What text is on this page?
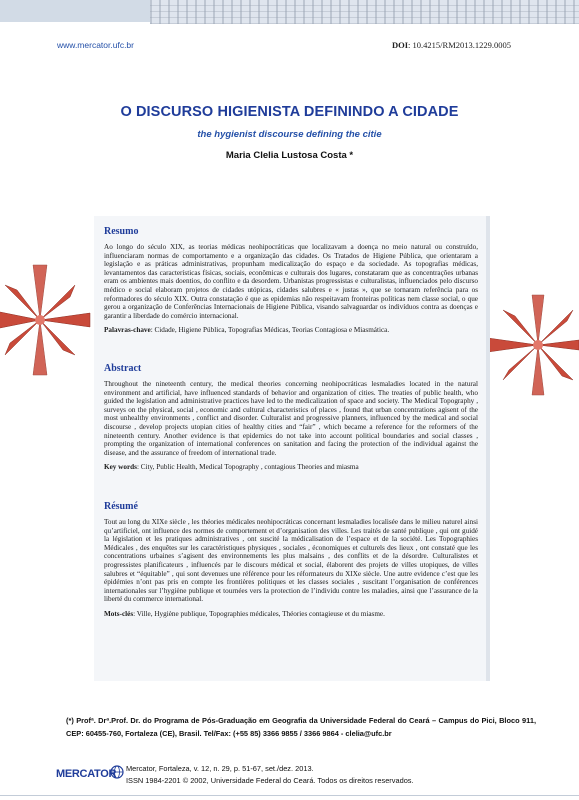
www.mercator.ufc.br	DOI: 10.4215/RM2013.1229.0005
O DISCURSO HIGIENISTA DEFININDO A CIDADE
the hygienist discourse defining the citie
Maria Clelia Lustosa Costa *
Resumo

Ao longo do século XIX, as teorias médicas neohipocráticas que localizavam a doença no meio natural ou construído, influenciaram normas de comportamento e a organização das cidades. Os Tratados de Higiene Pública, que orientaram a legislação e as práticas administrativas, propunham medicalização do espaço e da sociedade. As topografias médicas, levantamentos das características físicas, sociais, econômicas e culturais dos lugares, constataram que as concentrações urbanas eram os ambientes mais doentios, do conflito e da desordem. Urbanistas progressistas e culturalistas, influenciados pelo discurso médico e social elaboram projetos de cidades utópicas, cidades salubres e « justas », que se tornaram referência para os reformadores do século XIX. Outra constatação é que as epidemias não respeitavam fronteiras políticas nem classe social, o que gerou a organização de Conferências Internacionais de Higiene Pública, visando salvaguardar os indivíduos contra as doenças e garantir a liberdade do comércio internacional.

Palavras-chave: Cidade, Higiene Pública, Topografias Médicas, Teorias Contagiosa e Miasmática.
Abstract

Throughout the nineteenth century, the medical theories concerning neohipocráticas lesmaladies located in the natural environment and artificial, have influenced standards of behavior and organization of cities. The treaties of public health, who guided the legislation and administrative practices have led to the medicalization of space and society. The Medical Topography , surveys on the physical, social , economic and cultural characteristics of places , found that urban concentrations agisent of the most unhealthy environments , conflict and disorder. Culturalist and progressive planners, influenced by the medical and social discourse , develop projects utopian cities of healthy cities and “fair” , which became a reference for the reformers of the nineteenth century. Another evidence is that epidemics do not take into account political boundaries and social classes , prompting the organization of international conferences on sanitation and facing the protection of the individual against the disease, and the assurance of freedom of international trade.

Key words: City, Public Health, Medical Topography , contagious Theories and miasma
Résumé

Tout au long du XIXe siècle , les théories médicales neohipocráticas concernant lesmaladies localisée dans le milieu naturel ainsi qu’artificiel, ont influence des normes de comportement et d’organisation des villes. Les traités de santé publique , qui ont guidé la législation et les pratiques administratives , ont suscité la médicalisation de l’espace et de la société. Les Topographies Médicales , des enquêtes sur les caractéristiques physiques , sociales , économiques et culturels des lieux , ont constaté que les concentrations urbaines s’agisent des environnements les plus malsains , des conflits et de la désordre. Culturalistes et progressistes planificateurs , influencés par le discours médical et social, élaborent des projets de villes utopiques, de villes salubres et “équitable” , qui sont devenues une référence pour les réformateurs du XIXe siècle. Une autre evidence c’est que les épidémies n’ont pas pris en compte les frontières politiques et les classes sociales , suscitant l’organisation de conférences internationales sur l’hygiène publique et tournées vers la protection de l’individu contre les maladies, ainsi que l’assurance de la liberté du commerce international.

Mots-clés: Ville, Hygiène publique, Topographies médicales, Théories contagieuse et du miasme.
(*) Profª. Drª.Prof. Dr. do Programa de Pós-Graduação em Geografia da Universidade Federal do Ceará – Campus do Pici, Bloco 911, CEP: 60455-760, Fortaleza (CE), Brasil. Tel/Fax: (+55 85) 3366 9855 / 3366 9864 - clelia@ufc.br
MERCATOR Mercator, Fortaleza, v. 12, n. 29, p. 51-67, set./dez. 2013.
ISSN 1984-2201 © 2002, Universidade Federal do Ceará. Todos os direitos reservados.
